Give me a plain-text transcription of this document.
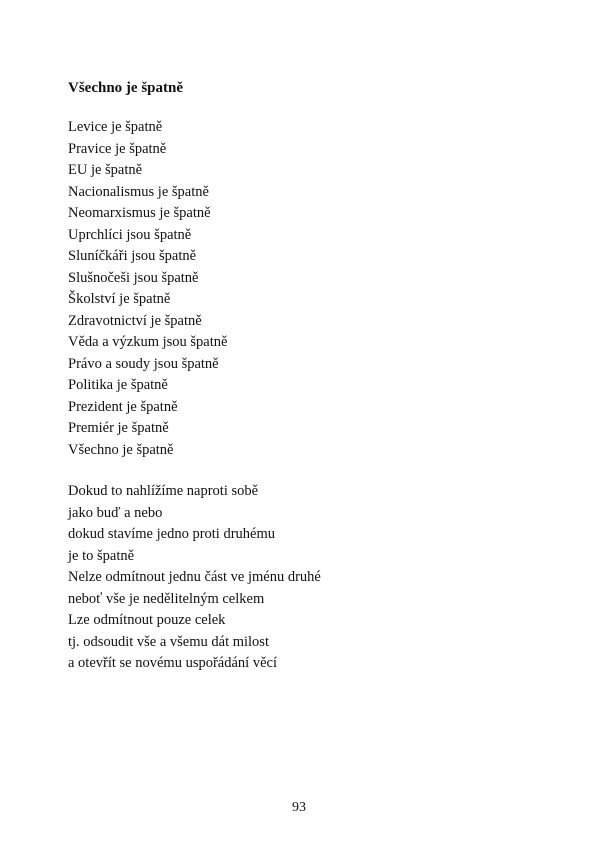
Všechno je špatně
Levice je špatně
Pravice je špatně
EU je špatně
Nacionalismus je špatně
Neomarxismus je špatně
Uprchlíci jsou špatně
Sluníčkáři jsou špatně
Slušnočeši jsou špatně
Školství je špatně
Zdravotnictví je špatně
Věda a výzkum jsou špatně
Právo a soudy jsou špatně
Politika je špatně
Prezident je špatně
Premiér je špatně
Všechno je špatně
Dokud to nahlížíme naproti sobě
jako buď a nebo
dokud stavíme jedno proti druhému
je to špatně
Nelze odmítnout jednu část ve jménu druhé
neboť vše je nedělitelným celkem
Lze odmítnout pouze celek
tj. odsoudit vše a všemu dát milost
a otevřít se novému uspořádání věcí
93
